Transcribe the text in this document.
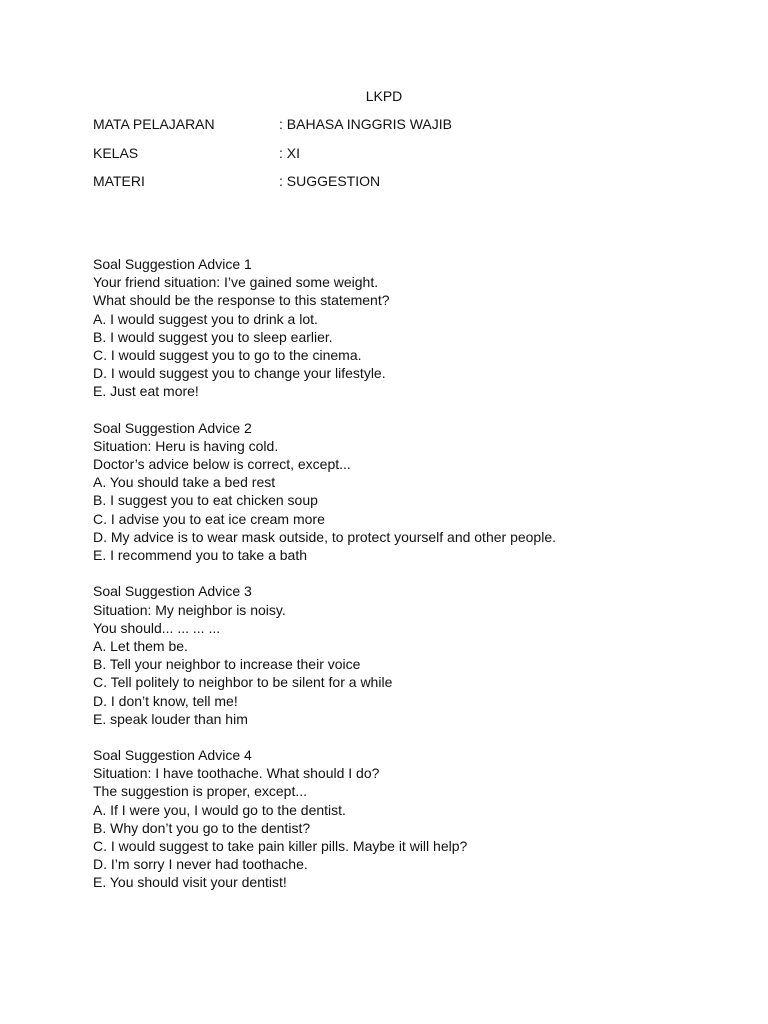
LKPD
MATA PELAJARAN	: BAHASA INGGRIS WAJIB
KELAS	: XI
MATERI	: SUGGESTION
Soal Suggestion Advice 1
Your friend situation: I’ve gained some weight.
What should be the response to this statement?
A. I would suggest you to drink a lot.
B. I would suggest you to sleep earlier.
C. I would suggest you to go to the cinema.
D. I would suggest you to change your lifestyle.
E. Just eat more!
Soal Suggestion Advice 2
Situation: Heru is having cold.
Doctor’s advice below is correct, except...
A. You should take a bed rest
B. I suggest you to eat chicken soup
C. I advise you to eat ice cream more
D. My advice is to wear mask outside, to protect yourself and other people.
E. I recommend you to take a bath
Soal Suggestion Advice 3
Situation: My neighbor is noisy.
You should... ... ... ...
A. Let them be.
B. Tell your neighbor to increase their voice
C. Tell politely to neighbor to be silent for a while
D. I don’t know, tell me!
E. speak louder than him
Soal Suggestion Advice 4
Situation: I have toothache. What should I do?
The suggestion is proper, except...
A. If I were you, I would go to the dentist.
B. Why don’t you go to the dentist?
C. I would suggest to take pain killer pills. Maybe it will help?
D. I’m sorry I never had toothache.
E. You should visit your dentist!
